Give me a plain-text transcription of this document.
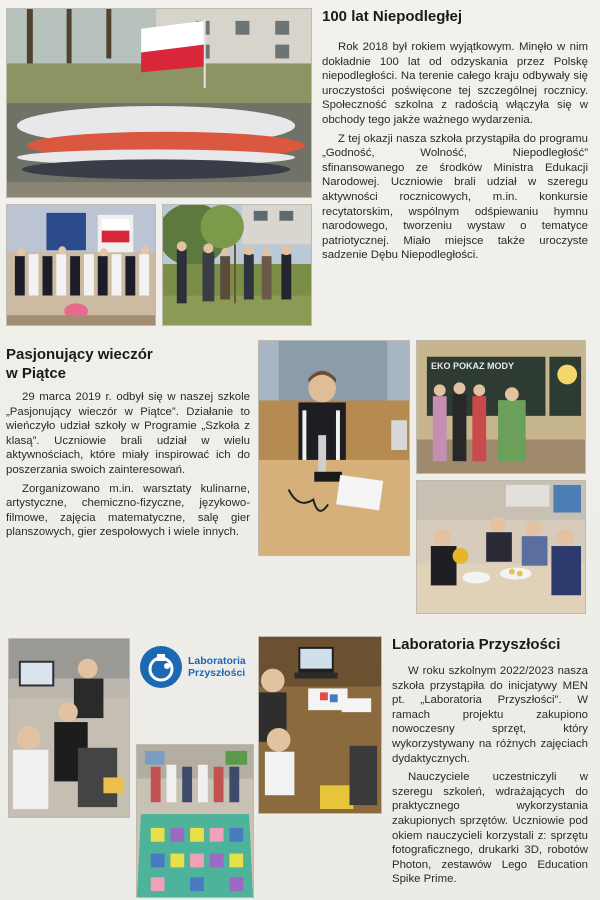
100 lat Niepodległej

Rok 2018 był rokiem wyjątkowym. Minęło w nim dokładnie 100 lat od odzyskania przez Polskę niepodległości. Na terenie całego kraju odbywały się uroczystości poświęcone tej szczególnej rocznicy. Społeczność szkolna z radością włączyła się w obchody tego jakże ważnego wydarzenia.

Z tej okazji nasza szkoła przystąpiła do programu „Godność, Wolność, Niepodległość” sfinansowanego ze środków Ministra Edukacji Narodowej. Uczniowie brali udział w szeregu aktywności rocznicowych, m.in. konkursie recytatorskim, wspólnym odśpiewaniu hymnu narodowego, tworzeniu wystaw o tematyce patriotycznej. Miało miejsce także uroczyste sadzenie Dębu Niepodległości.

Pasjonujący wieczór
w Piątce

29 marca 2019 r. odbył się w naszej szkole „Pasjonujący wieczór w Piątce”. Działanie to wieńczyło udział szkoły w Programie „Szkoła z klasą”. Uczniowie brali udział w wielu aktywnościach, które miały inspirować ich do poszerzania swoich zainteresowań.

Zorganizowano m.in. warsztaty kulinarne, artystyczne, chemiczno-fizyczne, językowo-filmowe, zajęcia matematyczne, salę gier planszowych, gier zespołowych i wiele innych.

EKO POKAZ MODY
Laboratoria
Przyszłości
Laboratoria Przyszłości

W roku szkolnym 2022/2023 nasza szkoła przystąpiła do inicjatywy MEN pt. „Laboratoria Przyszłości”. W ramach projektu zakupiono nowoczesny sprzęt, który wykorzystywany na różnych zajęciach dydaktycznych.

Nauczyciele uczestniczyli w szeregu szkoleń, wdrażających do praktycznego wykorzystania zakupionych sprzętów. Uczniowie pod okiem nauczycieli korzystali z: sprzętu fotograficznego, drukarki 3D, robotów Photon, zestawów Lego Education Spike Prime.
